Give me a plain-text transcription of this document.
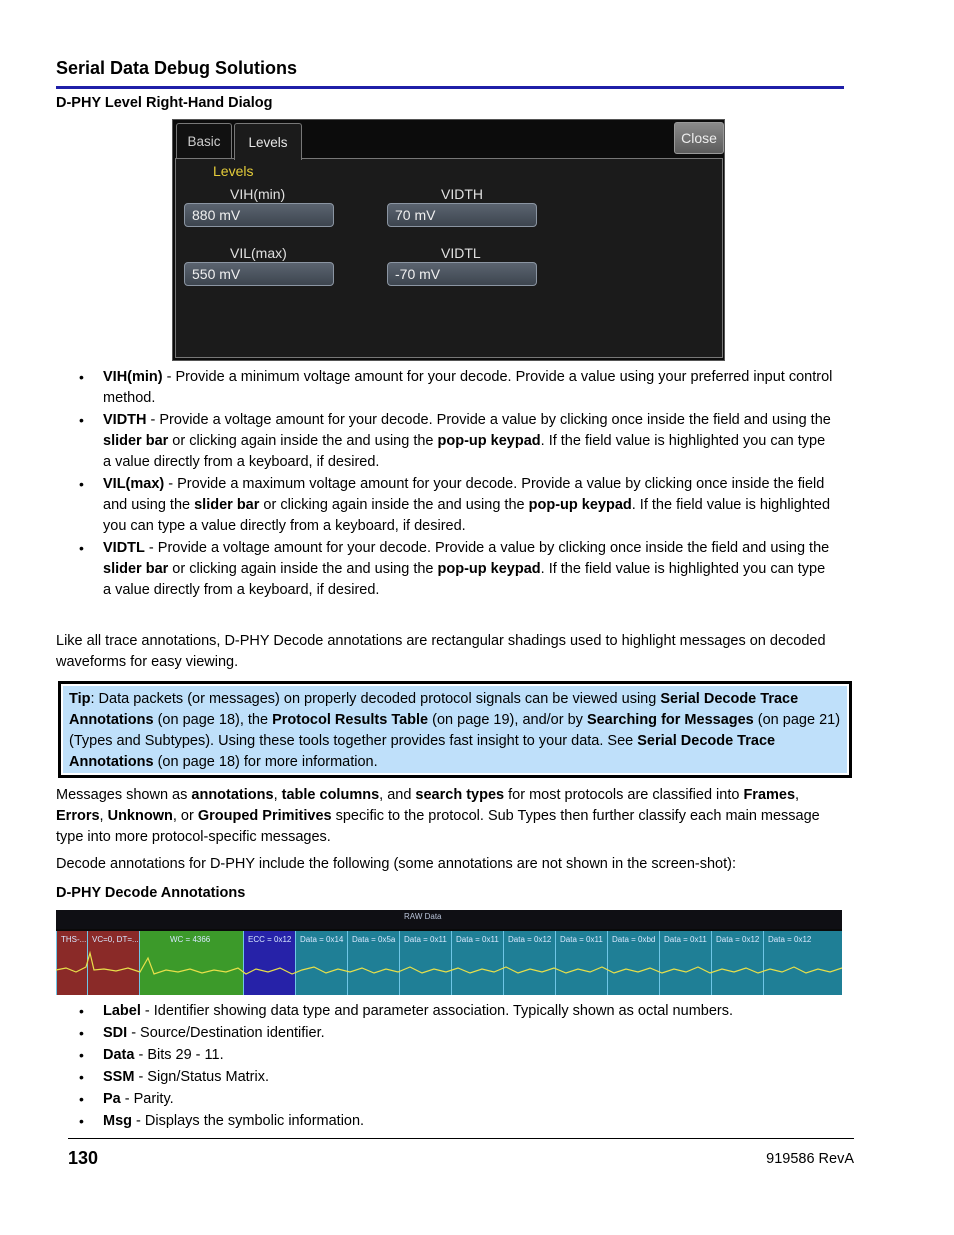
Serial Data Debug Solutions
D-PHY Level Right-Hand Dialog
Basic	Levels	Close
Levels
VIH(min)
880 mV
VIDTH
70 mV
VIL(max)
550 mV
VIDTL
-70 mV
• VIH(min) - Provide a minimum voltage amount for your decode. Provide a value using your preferred input control method.
• VIDTH - Provide a voltage amount for your decode. Provide a value by clicking once inside the field and using the slider bar or clicking again inside the and using the pop-up keypad. If the field value is highlighted you can type a value directly from a keyboard, if desired.
• VIL(max) - Provide a maximum voltage amount for your decode. Provide a value by clicking once inside the field and using the slider bar or clicking again inside the and using the pop-up keypad. If the field value is highlighted you can type a value directly from a keyboard, if desired.
• VIDTL - Provide a voltage amount for your decode. Provide a value by clicking once inside the field and using the slider bar or clicking again inside the and using the pop-up keypad. If the field value is highlighted you can type a value directly from a keyboard, if desired.

Like all trace annotations, D-PHY Decode annotations are rectangular shadings used to highlight messages on decoded waveforms for easy viewing.

Tip: Data packets (or messages) on properly decoded protocol signals can be viewed using Serial Decode Trace Annotations (on page 18), the Protocol Results Table (on page 19), and/or by Searching for Messages (on page 21) (Types and Subtypes). Using these tools together provides fast insight to your data. See Serial Decode Trace Annotations (on page 18) for more information.

Messages shown as annotations, table columns, and search types for most protocols are classified into Frames, Errors, Unknown, or Grouped Primitives specific to the protocol. Sub Types then further classify each main message type into more protocol-specific messages.

Decode annotations for D-PHY include the following (some annotations are not shown in the screen-shot):

D-PHY Decode Annotations
RAW Data
THS-... VC=0, DT=...	WC = 4366	ECC = 0x12 Data = 0x14 Data = 0x5a Data = 0x11 Data = 0x11 Data = 0x12 Data = 0x11 Data = 0xbd Data = 0x11 Data = 0x12 Data = 0x12
• Label - Identifier showing data type and parameter association. Typically shown as octal numbers.
• SDI - Source/Destination identifier.
• Data - Bits 29 - 11.
• SSM - Sign/Status Matrix.
• Pa - Parity.
• Msg - Displays the symbolic information.
130	919586 RevA
